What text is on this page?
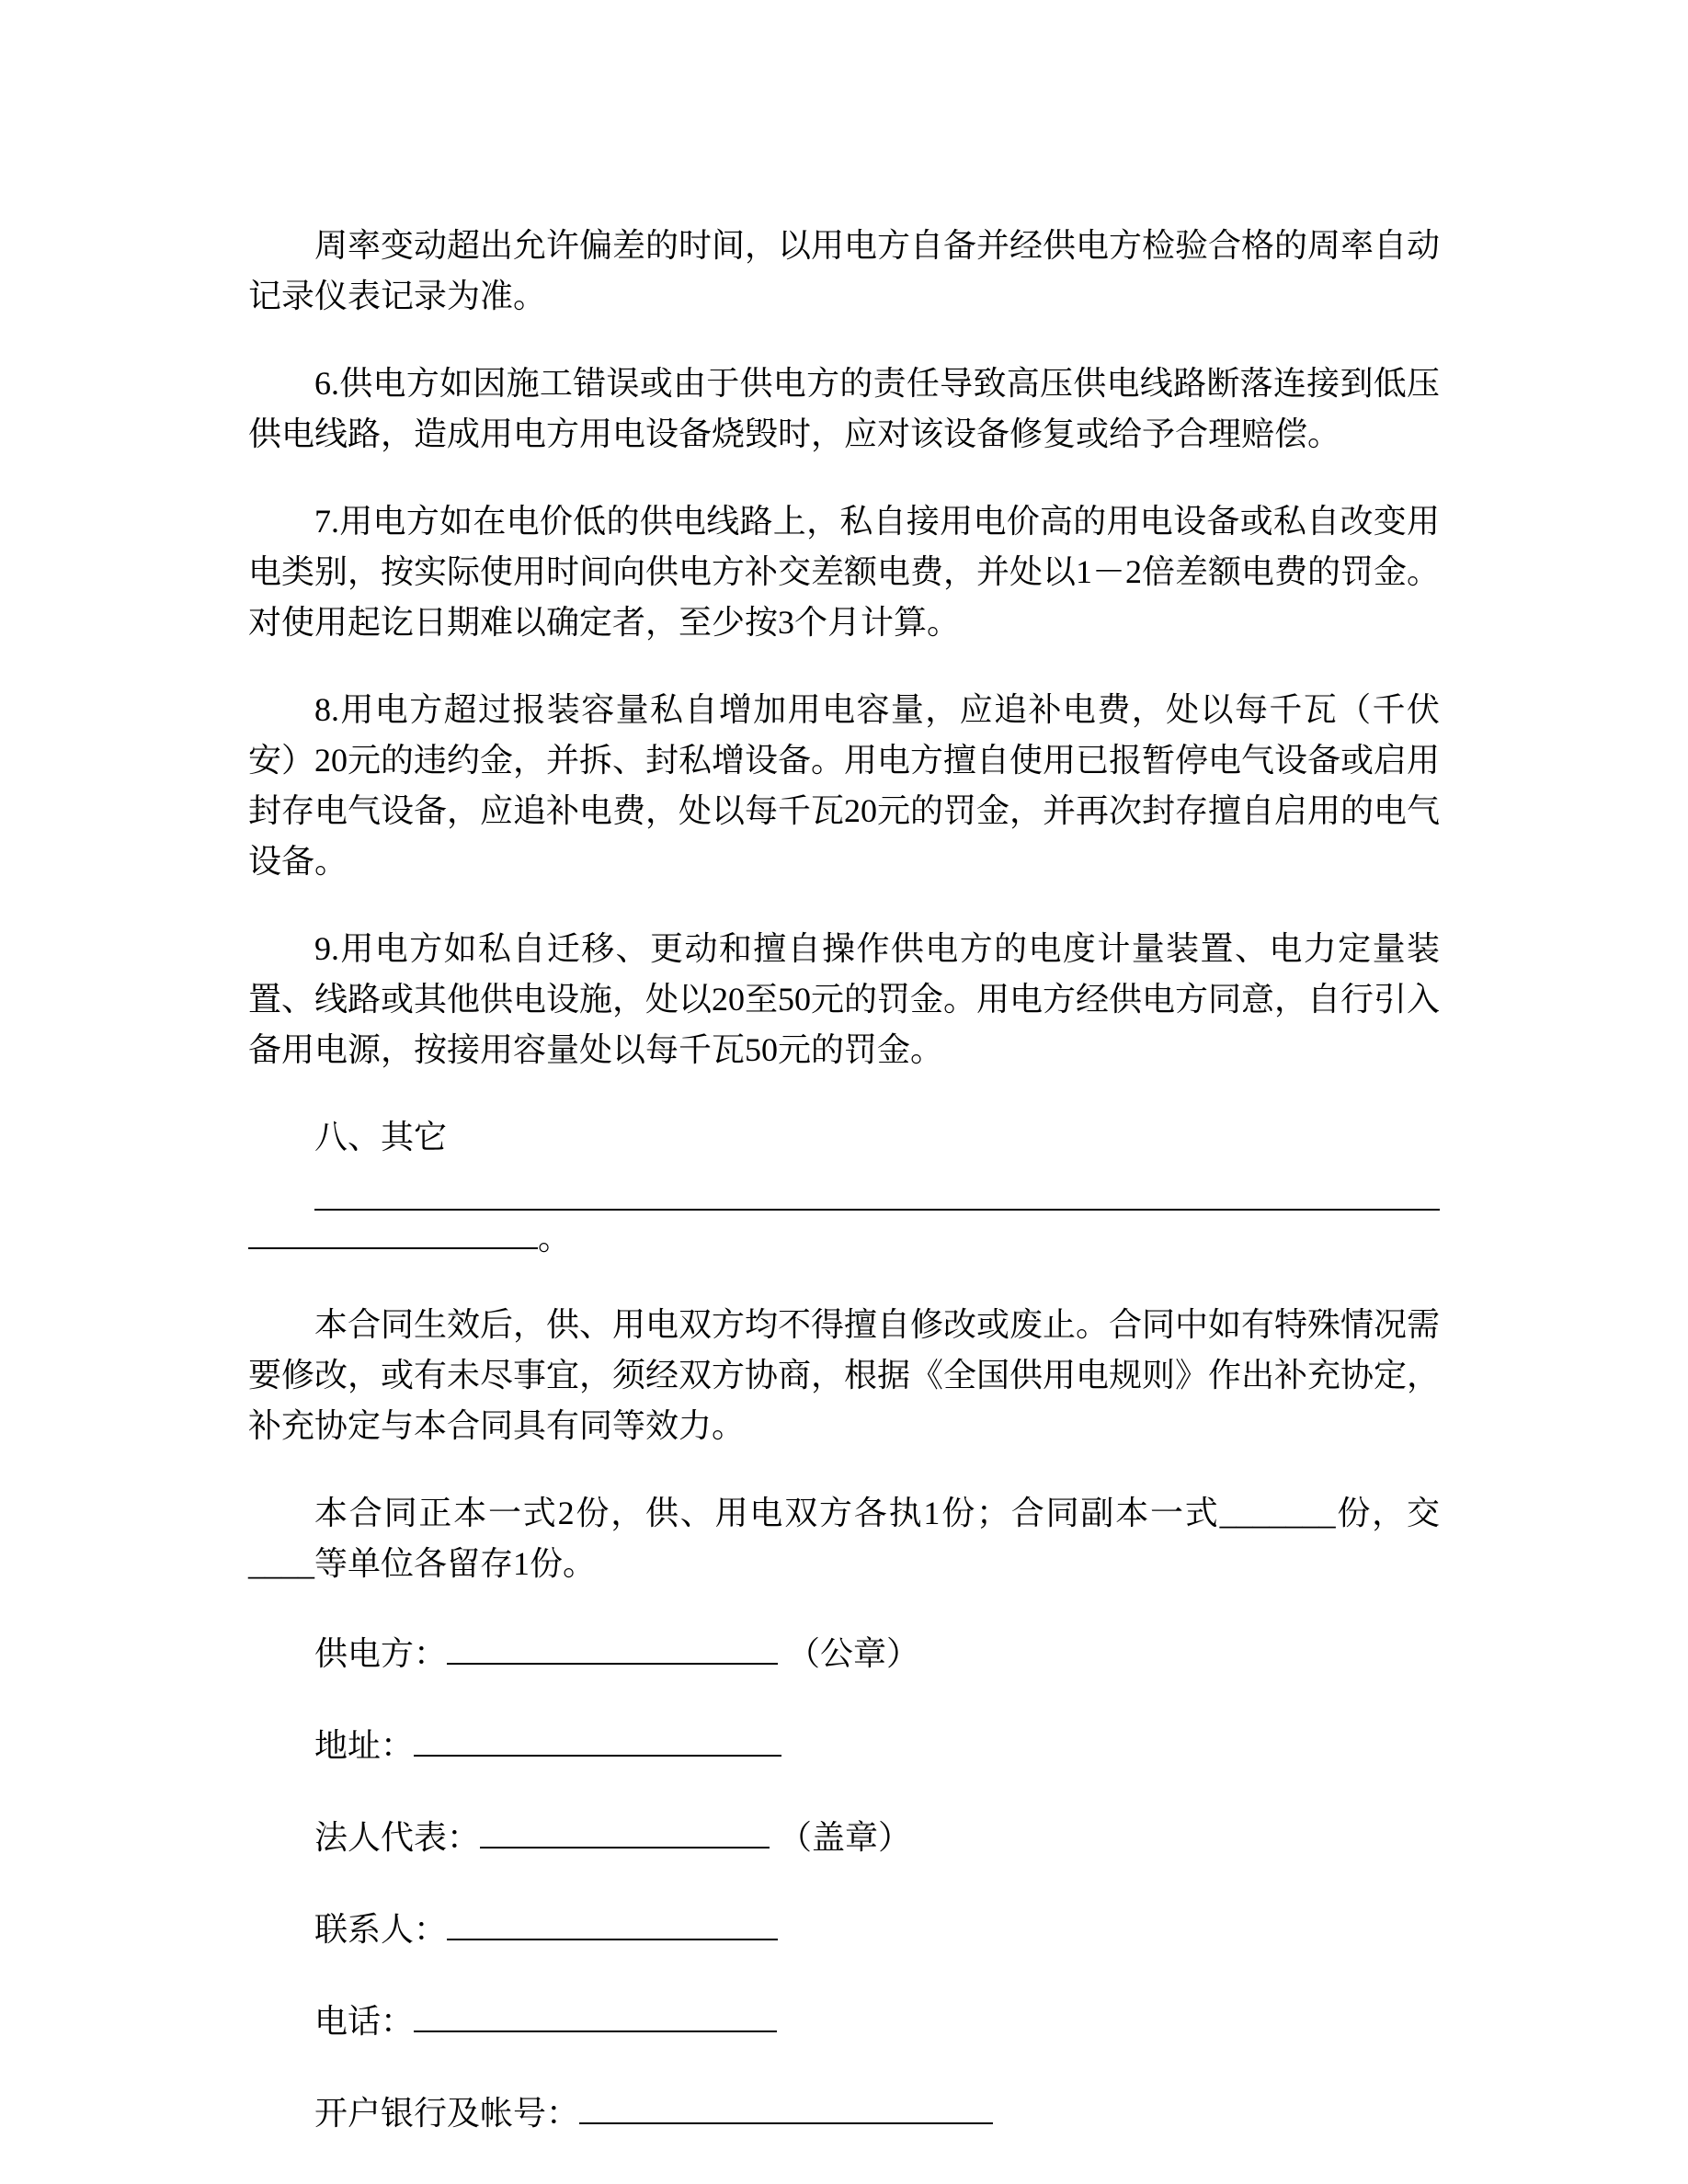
周率变动超出允许偏差的时间，以用电方自备并经供电方检验合格的周率自动记录仪表记录为准。

6.供电方如因施工错误或由于供电方的责任导致高压供电线路断落连接到低压供电线路，造成用电方用电设备烧毁时，应对该设备修复或给予合理赔偿。

7.用电方如在电价低的供电线路上，私自接用电价高的用电设备或私自改变用电类别，按实际使用时间向供电方补交差额电费，并处以1－2倍差额电费的罚金。对使用起讫日期难以确定者，至少按3个月计算。

8.用电方超过报装容量私自增加用电容量，应追补电费，处以每千瓦（千伏安）20元的违约金，并拆、封私增设备。用电方擅自使用已报暂停电气设备或启用封存电气设备，应追补电费，处以每千瓦20元的罚金，并再次封存擅自启用的电气设备。

9.用电方如私自迁移、更动和擅自操作供电方的电度计量装置、电力定量装置、线路或其他供电设施，处以20至50元的罚金。用电方经供电方同意，自行引入备用电源，按接用容量处以每千瓦50元的罚金。

八、其它

。

本合同生效后，供、用电双方均不得擅自修改或废止。合同中如有特殊情况需要修改，或有未尽事宜，须经双方协商，根据《全国供用电规则》作出补充协定，补充协定与本合同具有同等效力。

本合同正本一式2份，供、用电双方各执1份；合同副本一式_______份，交____等单位各留存1份。

供电方：	（公章）
地址：
法人代表：	（盖章）
联系人：
电话：
开户银行及帐号：
